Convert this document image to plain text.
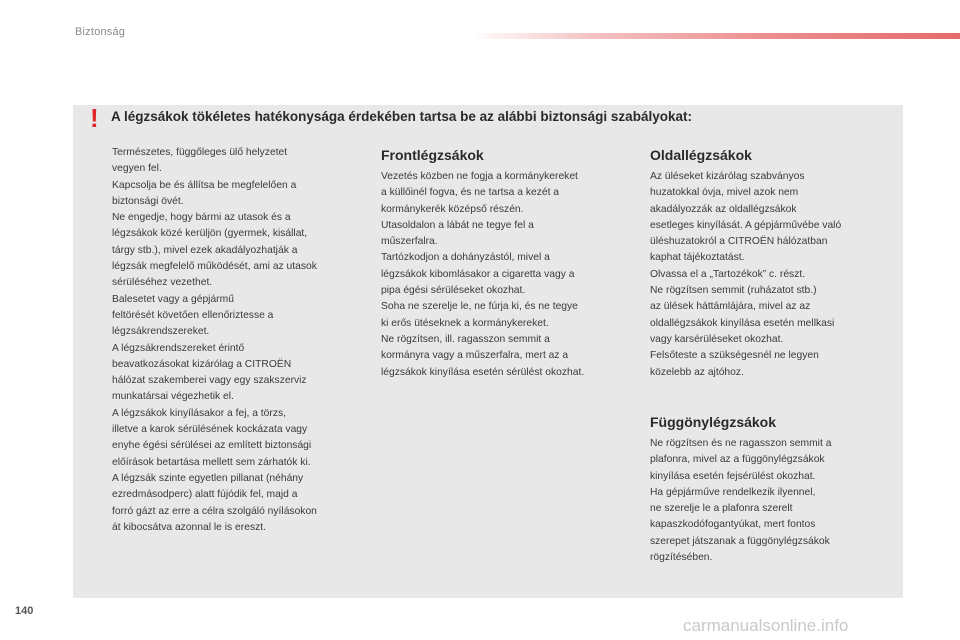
Biztonság
! A légzsákok tökéletes hatékonysága érdekében tartsa be az alábbi biztonsági szabályokat:

Természetes, függőleges ülő helyzetet

vegyen fel.

Kapcsolja be és állítsa be megfelelően a

biztonsági övét.

Ne engedje, hogy bármi az utasok és a

légzsákok közé kerüljön (gyermek, kisállat,

tárgy stb.), mivel ezek akadályozhatják a

légzsák megfelelő működését, ami az utasok

sérüléséhez vezethet.

Balesetet vagy a gépjármű

feltörését követően ellenőriztesse a

légzsákrendszereket.

A légzsákrendszereket érintő

beavatkozásokat kizárólag a CITROËN

hálózat szakemberei vagy egy szakszerviz

munkatársai végezhetik el.

A légzsákok kinyílásakor a fej, a törzs,

illetve a karok sérülésének kockázata vagy

enyhe égési sérülései az említett biztonsági

előírások betartása mellett sem zárhatók ki.

A légzsák szinte egyetlen pillanat (néhány

ezredmásodperc) alatt fújódik fel, majd a

forró gázt az erre a célra szolgáló nyílásokon

át kibocsátva azonnal le is ereszt.

Frontlégzsákok

Vezetés közben ne fogja a kormánykereket

a küllőinél fogva, és ne tartsa a kezét a

kormánykerék középső részén.

Utasoldalon a lábát ne tegye fel a

műszerfalra.

Tartózkodjon a dohányzástól, mivel a

légzsákok kibomlásakor a cigaretta vagy a

pipa égési sérüléseket okozhat.

Soha ne szerelje le, ne fúrja ki, és ne tegye

ki erős ütéseknek a kormánykereket.

Ne rögzítsen, ill. ragasszon semmit a

kormányra vagy a műszerfalra, mert az a

légzsákok kinyílása esetén sérülést okozhat.

Oldallégzsákok

Az üléseket kizárólag szabványos

huzatokkal óvja, mivel azok nem

akadályozzák az oldallégzsákok

esetleges kinyílását. A gépjárművébe való

üléshuzatokról a CITROËN hálózatban

kaphat tájékoztatást.

Olvassa el a „Tartozékok” c. részt.

Ne rögzítsen semmit (ruházatot stb.)

az ülések háttámlájára, mivel az az

oldallégzsákok kinyílása esetén mellkasi

vagy karsérüléseket okozhat.

Felsőteste a szükségesnél ne legyen

közelebb az ajtóhoz.

Függönylégzsákok

Ne rögzítsen és ne ragasszon semmit a

plafonra, mivel az a függönylégzsákok

kinyílása esetén fejsérülést okozhat.

Ha gépjárműve rendelkezik ilyennel,

ne szerelje le a plafonra szerelt

kapaszkodófogantyúkat, mert fontos

szerepet játszanak a függönylégzsákok

rögzítésében.

140
carmanualsonline.info
